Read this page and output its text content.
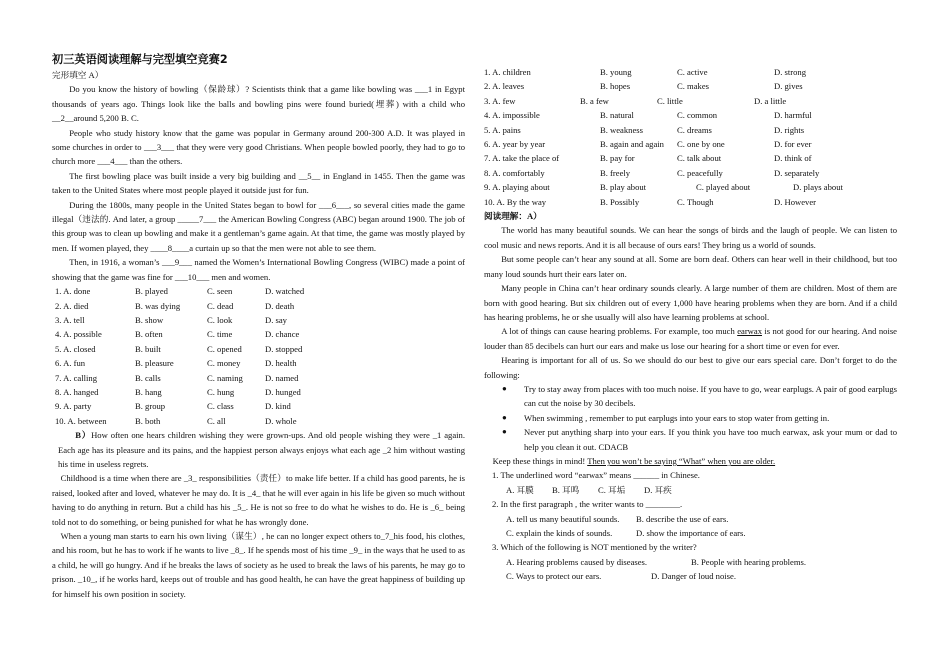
初三英语阅读理解与完型填空竞赛2

完形填空 A）

Do you know the history of bowling（保龄球）? Scientists think that a game like bowling was ___1 in Egypt thousands of years ago. Things look like the balls and bowling pins were found buried(埋葬) with a child who __2__around 5,200 B. C.

People who study history know that the game was popular in Germany around 200-300 A.D. It was played in some churches in order to ___3___ that they were very good Christians. When people bowled poorly, they had to go to church more ___4___ than the others.

The first bowling place was built inside a very big building and __5__ in England in 1455. Then the game was taken to the United States where most people played it outside just for fun.

During the 1800s, many people in the United States began to bowl for ___6___, so several cities made the game illegal（违法的. And later, a group _____7___ the American Bowling Congress (ABC) began around 1900. The job of this group was to clean up bowling and make it a gentleman’s game again. At that time, the game was mostly played by men. If women played, they ____8____a curtain up so that the men were not able to see them.

Then, in 1916, a woman’s ___9___ named the Women’s International Bowling Congress (WIBC) made a point of showing that the game was fine for ___10___ men and women.

1. A. done	B. played	C. seen	D. watched
2. A. died	B. was dying	C. dead	D. death
3. A. tell	B. show	C. look	D. say
4. A. possible	B. often	C. time	D. chance
5. A. closed	B. built	C. opened	D. stopped
6. A. fun	B. pleasure	C. money	D. health
7. A. calling	B. calls	C. naming	D. named
8. A. hanged	B. hang	C. hung	D. hunged
9. A. party	B. group	C. class	D. kind
10. A. between	B. both	C. all	D. whole

B）How often one hears children wishing they were grown-ups. And old people wishing they were _1 again. Each age has its pleasure and its pains, and the happiest person always enjoys what each age _2 him without wasting his time in useless regrets.

Childhood is a time when there are _3_ responsibilities（责任）to make life better. If a child has good parents, he is raised, looked after and loved, whatever he may do. It is _4_ that he will ever again in his life be given so much without having to do anything in return. But a child has his _5_. He is not so free to do what he wishes to do. He is _6_ being told not to do something, or being punished for what he has wrongly done.

When a young man starts to earn his own living（谋生）, he can no longer expect others to_7_his food, his clothes, and his room, but he has to work if he wants to live _8_. If he spends most of his time _9_ in the ways that he used to as a child, he will go hungry. And if he breaks the laws of society as he used to break the laws of his parents, he may go to prison. _10_, if he works hard, keeps out of trouble and has good health, he can have the great happiness of building up for himself his own position in society.

1. A. children	B. young	C. active	D. strong
2. A. leaves	B. hopes	C. makes	D. gives
3. A. few	B. a few	C. little	D. a little
4. A. impossible	B. natural	C. common	D. harmful
5. A. pains	B. weakness	C. dreams	D. rights
6. A. year by year	B. again and again	C. one by one	D. for ever
7. A. take the place of	B. pay for	C. talk about	D. think of
8. A. comfortably	B. freely	C. peacefully	D. separately
9. A. playing about	B. play about	C. played about	D. plays about
10. A. By the way	B. Possibly	C. Though	D. However

阅读理解：A）

The world has many beautiful sounds. We can hear the songs of birds and the laugh of people. We can listen to cool music and news reports. And it is all because of ours ears! They bring us a world of sounds.

But some people can’t hear any sound at all. Some are born deaf. Others can hear well in their childhood, but too many loud sounds hurt their ears later on.

Many people in China can’t hear ordinary sounds clearly. A large number of them are children. Most of them are born with good hearing. But six children out of every 1,000 have hearing problems when they are born. And if a child has hearing problems, he or she usually will also have learning problems at school.

A lot of things can cause hearing problems. For example, too much earwax is not good for our hearing. And noise louder than 85 decibels can hurt our ears and make us lose our hearing for a short time or even for ever.

Hearing is important for all of us. So we should do our best to give our ears special care. Don’t forget to do the following:

● Try to stay away from places with too much noise. If you have to go, wear earplugs. A pair of good earplugs can cut the noise by 30 decibels.
● When swimming , remember to put earplugs into your ears to stop water from getting in.
● Never put anything sharp into your ears. If you think you have too much earwax, ask your mum or dad to help you clean it out. CDACB

Keep these things in mind! Then you won’t be saying “What” when you are older.

1. The underlined word “earwax” means ______ in Chinese.

A. 耳膜 B. 耳鸣 C. 耳垢 D. 耳疾

2. In the first paragraph , the writer wants to ________.

A. tell us many beautiful sounds. B. describe the use of ears.

C. explain the kinds of sounds.	D. show the importance of ears.

3. Which of the following is NOT mentioned by the writer?

A. Hearing problems caused by diseases.	B. People with hearing problems.

C. Ways to protect our ears.	D. Danger of loud noise.
